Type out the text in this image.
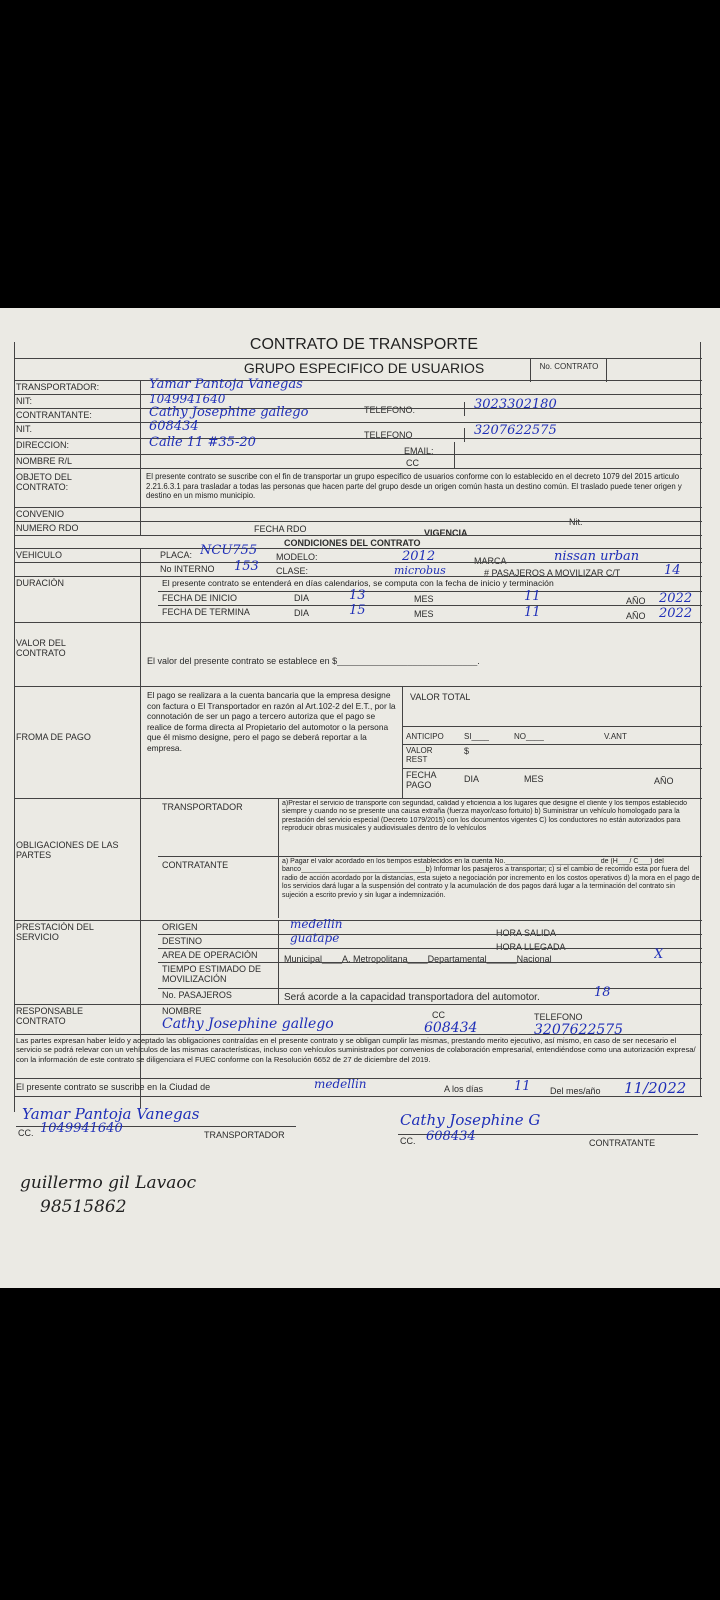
CONTRATO DE TRANSPORTE
GRUPO ESPECIFICO DE USUARIOS	No. CONTRATO
TRANSPORTADOR:	Yamar Pantoja Vanegas
NIT:	1049941640
TELEFONO:	3023302180
CONTRANTANTE:	Cathy Josephine gallego
NIT.	608434
TELEFONO	3207622575
DIRECCION:	Calle 11 #35-20
EMAIL:
NOMBRE R/L	CC
OBJETO DEL CONTRATO:
El presente contrato se suscribe con el fin de transportar un grupo especifico de usuarios conforme con lo establecido en el decreto 1079 del 2015 articulo 2.21.6.3.1 para trasladar a todas las personas que hacen parte del grupo desde un origen común hasta un destino común. El traslado puede tener origen y destino en un mismo municipio.
CONVENIO
Nit.
NUMERO RDO	FECHA RDO	VIGENCIA
CONDICIONES DEL CONTRATO
VEHICULO	PLACA: NCU755 MODELO:	2012	MARCA	nissan urban
No INTERNO 153 CLASE:	microbus	# PASAJEROS A MOVILIZAR C/T	14
DURACIÓN	El presente contrato se entenderá en días calendarios, se computa con la fecha de inicio y terminación
FECHA DE INICIO	DIA	13	MES	11	AÑO 2022
FECHA DE TERMINA	DIA	15	MES	11	AÑO 2022
VALOR DEL CONTRATO
El valor del presente contrato se establece en $____________________________.
FROMA DE PAGO
El pago se realizara a la cuenta bancaria que la empresa designe con factura o El Transportador en razón al Art.102-2 del E.T., por la connotación de ser un pago a tercero autoriza que el pago se realice de forma directa al Propietario del automotor o la persona que él mismo designe, pero el pago se deberá reportar a la empresa.
VALOR TOTAL
ANTICIPO	SI____	NO____	V.ANT
VALOR REST
$
FECHA PAGO
DIA	MES	AÑO
OBLIGACIONES DE LAS PARTES
TRANSPORTADOR	a)Prestar el servicio de transporte con seguridad, calidad y eficiencia a los lugares que designe el cliente y los tiempos establecido siempre y cuando no se presente una causa extraña (fuerza mayor/caso fortuito) b) Suministrar un vehículo homologado para la prestación del servicio especial (Decreto 1079/2015) con los documentos vigentes C) los conductores no están autorizados para reproducir obras musicales y audiovisuales dentro de lo vehículos
CONTRATANTE	a) Pagar el valor acordado en los tiempos establecidos en la cuenta No.________________________ de (H___/ C___) del banco________________________________b) Informar los pasajeros a transportar; c) si el cambio de recorrido esta por fuera del radio de acción acordado por la distancias, esta sujeto a negociación por incremento en los costos operativos d) la mora en el pago de los servicios dará lugar a la suspensión del contrato y la acumulación de dos pagos dará lugar a la terminación del contrato sin sujeción a escrito previo y sin lugar a indemnización.
PRESTACIÓN DEL SERVICIO
ORIGEN	medellin
HORA SALIDA
DESTINO	guatape
HORA LLEGADA
AREA DE OPERACIÓN	Municipal____A. Metropolitana____Departamental______Nacional	X
TIEMPO ESTIMADO DE MOVILIZACIÓN
No. PASAJEROS	Será acorde a la capacidad transportadora del automotor.	18
RESPONSABLE CONTRATO
NOMBRE	CC	TELEFONO
Cathy Josephine gallego	608434	3207622575
Las partes expresan haber leído y aceptado las obligaciones contraídas en el presente contrato y se obligan cumplir las mismas, prestando merito ejecutivo, así mismo, en caso de ser necesario el servicio se podrá relevar con un vehículos de las mismas características, incluso con vehículos suministrados por convenios de colaboración empresarial, entendiéndose como una autorización expresa/ con la información de este contrato se diligenciara el FUEC conforme con la Resolución 6652 de 27 de diciembre del 2019.
El presente contrato se suscribe en la Ciudad de	medellin	A los días 11 Del mes/año 11/2022
Yamar Pantoja Vanegas
CC. 1049941640	TRANSPORTADOR
Cathy Josephine G
CC. 608434	CONTRATANTE
guillermo gil Lavaoc
98515862
